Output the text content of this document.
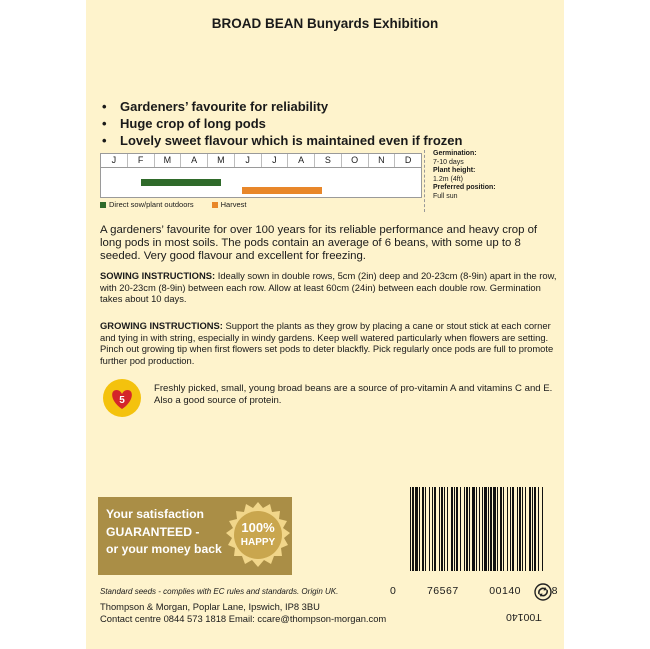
BROAD BEAN Bunyards Exhibition
• Gardeners’ favourite for reliability
• Huge crop of long pods
• Lovely sweet flavour which is maintained even if frozen
J	F	M	A	M	J	J	A	S	O	N	D
Direct sow/plant outdoors	Harvest
Germination:
7-10 days
Plant height:
1.2m (4ft)
Preferred position:
Full sun
A gardeners’ favourite for over 100 years for its reliable performance and heavy crop of long pods in most soils. The pods contain an average of 6 beans, with some up to 8 seeded. Very good flavour and excellent for freezing.
SOWING INSTRUCTIONS: Ideally sown in double rows, 5cm (2in) deep and 20-23cm (8-9in) apart in the row, with 20-23cm (8-9in) between each row. Allow at least 60cm (24in) between each double row. Germination takes about 10 days.
GROWING INSTRUCTIONS: Support the plants as they grow by placing a cane or stout stick at each corner and tying in with string, especially in windy gardens. Keep well watered particularly when flowers are setting. Pinch out growing tip when first flowers set pods to deter blackfly. Pick regularly once pods are full to promote further pod production.
5
Freshly picked, small, young broad beans are a source of pro-vitamin A and vitamins C and E. Also a good source of protein.
Your satisfaction
GUARANTEED -
or your money back
100%
HAPPY
0	76567	00140	8
Standard seeds - complies with EC rules and standards. Origin UK.
Thompson & Morgan, Poplar Lane, Ipswich, IP8 3BU
Contact centre 0844 573 1818 Email: ccare@thompson-morgan.com	T00140
